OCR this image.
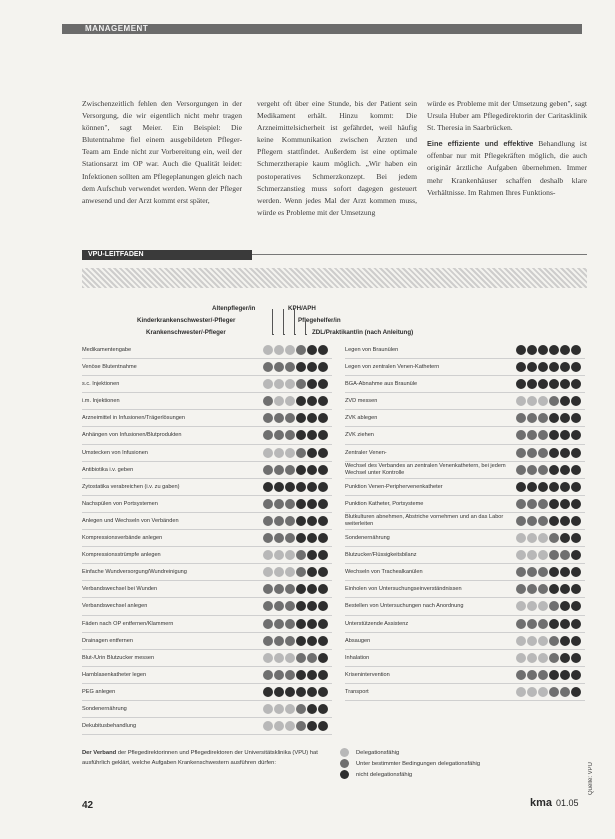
MANAGEMENT

Zwischenzeitlich fehlen den Versorgungen in der Versorgung, die wir eigentlich nicht mehr tragen können", sagt Meier. Ein Beispiel: Die Blutentnahme fiel einem ausgebildeten Pfleger-Team am Ende nicht zur Vorbereitung ein, weil der Stationsarzt im OP war. Auch die Qualität leidet: Infektionen sollten am Pflegeplanungen gleich nach dem Aufschub verwendet werden. Wenn der Pfleger anwesend und der Arzt kommt erst später,

vergeht oft über eine Stunde, bis der Patient sein Medikament erhält. Hinzu kommt: Die Arzneimittelsicherheit ist gefährdet, weil häufig keine Kommunikation zwischen Ärzten und Pflegern stattfindet. Außerdem ist eine optimale Schmerztherapie kaum möglich. „Wir haben ein postoperatives Schmerzkonzept. Bei jedem Schmerzanstieg muss sofort dagegen gesteuert werden. Wenn jedes Mal der Arzt kommen muss, würde es Probleme mit der Umsetzung

würde es Probleme mit der Umsetzung geben", sagt Ursula Huber am Pflegedirektorin der Caritasklinik St. Theresia in Saarbrücken.

Eine effiziente und effektive Behandlung ist offenbar nur mit Pflegekräften möglich, die auch originär ärztliche Aufgaben übernehmen. Immer mehr Krankenhäuser schaffen deshalb klare Verhältnisse. Im Rahmen Ihres Funktions-

VPU-LEITFADEN
Altenpfleger/in
Kinderkrankenschwester/-Pfleger
Krankenschwester/-Pfleger
KPH/APH
Pflegehelfer/in
ZDL/Praktikant/in (nach Anleitung)
Medikamentengabe
Venöse Blutentnahme
s.c. Injektionen
i.m. Injektionen
Arzneimittel in Infusionen/Trägerlösungen
Anhängen von Infusionen/Blutprodukten
Umstecken von Infusionen
Antibiotika i.v. geben
Zytostatika verabreichen (i.v. zu gaben)
Nachspülen von Portsystemen
Anlegen und Wechseln von Verbänden
Kompressionsverbände anlegen
Kompressionsstrümpfe anlegen
Einfache Wundversorgung/Wundreinigung
Verbandswechsel bei Wunden
Verbandswechsel anlegen
Fäden nach OP entfernen/Klammern
Drainagen entfernen
Blut-/Urin Blutzucker messen
Harnblasenkatheter legen
PEG anlegen
Sondenernährung
Dekubitusbehandlung
Legen von Braunülen
Legen von zentralen Venen-Kathetern
BGA-Abnahme aus Braunüle
ZVD messen
ZVK ablegen
ZVK ziehen
Zentraler Venen-
Wechsel des Verbandes an zentralen Venenkathetern, bei jedem Wechsel unter Kontrolle
Punktion Venen-Periphervenenkatheter
Punktion Katheter, Portsysteme
Blutkulturen abnehmen, Abstriche vornehmen und an das Labor weiterleiten
Sondenernährung
Blutzucker/Flüssigkeitsbilanz
Wechseln von Trachealkanülen
Einholen von Untersuchungseinverständnissen
Bestellen von Untersuchungen nach Anordnung
Unterstützende Assistenz
Absaugen
Inhalation
Krisenintervention
Transport
Der Verband der Pflegedirektorinnen und Pflegedirektoren der Universitätsklinika (VPU) hat ausführlich geklärt, welche Aufgaben Krankenschwestern ausführen dürfen:
Delegationsfähig
Unter bestimmter Bedingungen delegationsfähig
nicht delegationsfähig	Quelle: VPU
42	kma 01.05
